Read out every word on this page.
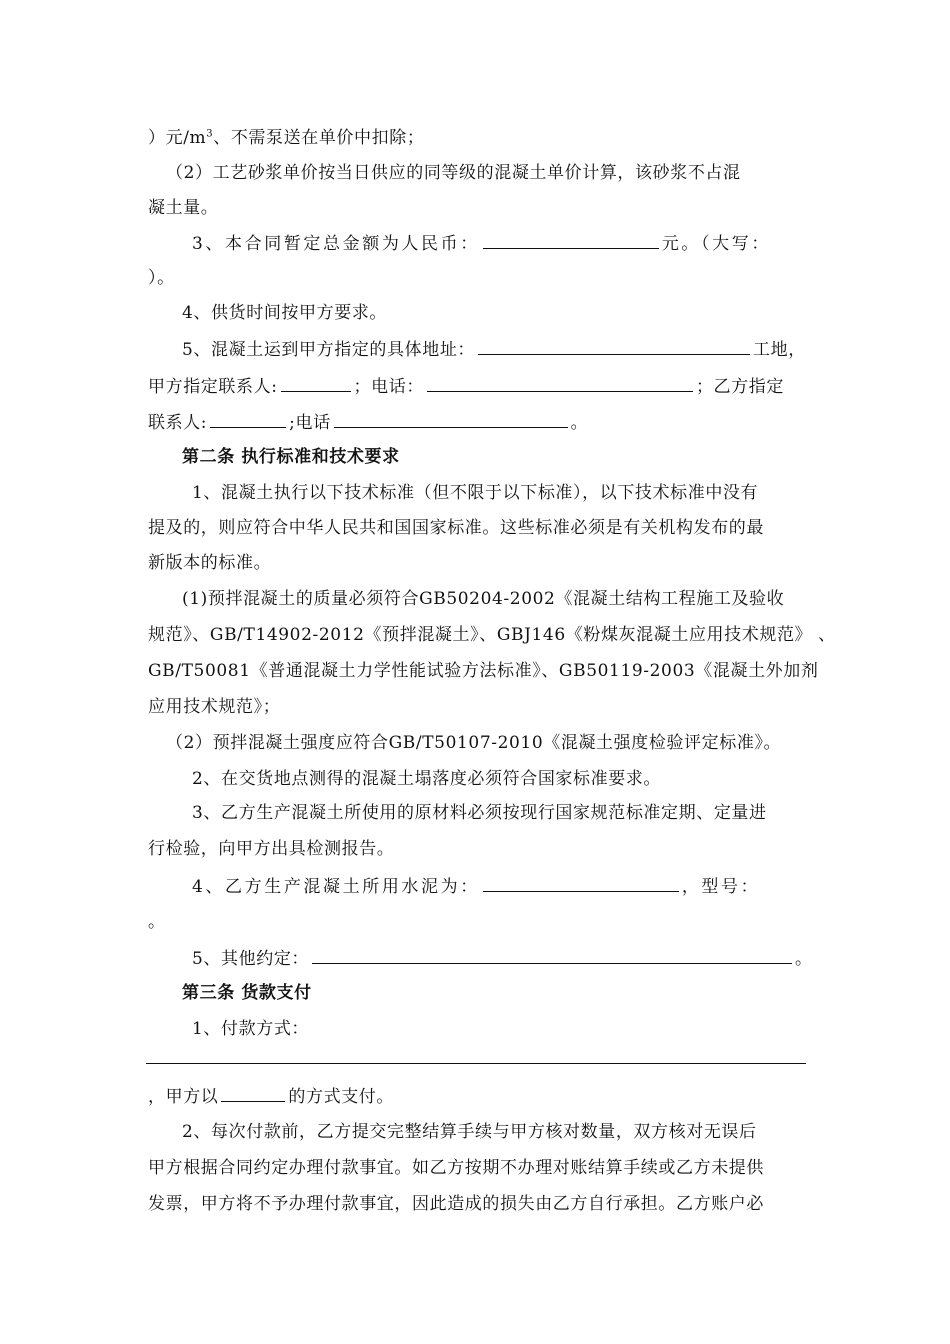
）元$/m^3$、不需泵送在单价中扣除；
（2）工艺砂浆单价按当日供应的同等级的混凝土单价计算，该砂浆不占混
凝土量。
3、本合同暂定总金额为人民币：	元。（大写：
）。
4、供货时间按甲方要求。
5、混凝土运到甲方指定的具体地址：	工地，
甲方指定联系人:	；电话：	；乙方指定
联系人:	;电话	。
第二条 执行标准和技术要求
1、混凝土执行以下技术标准（但不限于以下标准），以下技术标准中没有
提及的，则应符合中华人民共和国国家标准。这些标准必须是有关机构发布的最
新版本的标准。
(1)预拌混凝土的质量必须符合GB50204-2002《混凝土结构工程施工及验收
规范》、GB/T14902-2012《预拌混凝土》、GBJ146《粉煤灰混凝土应用技术规范》 、
GB/T50081《普通混凝土力学性能试验方法标准》、GB50119-2003《混凝土外加剂
应用技术规范》；
（2）预拌混凝土强度应符合GB/T50107-2010《混凝土强度检验评定标准》。
2、在交货地点测得的混凝土塌落度必须符合国家标准要求。
3、乙方生产混凝土所使用的原材料必须按现行国家规范标准定期、定量进
行检验，向甲方出具检测报告。
4、乙方生产混凝土所用水泥为：	，型号：
。
5、其他约定：	。
第三条 货款支付
1、付款方式：
，甲方以	的方式支付。
2、每次付款前，乙方提交完整结算手续与甲方核对数量，双方核对无误后
甲方根据合同约定办理付款事宜。如乙方按期不办理对账结算手续或乙方未提供
发票，甲方将不予办理付款事宜，因此造成的损失由乙方自行承担。乙方账户必
